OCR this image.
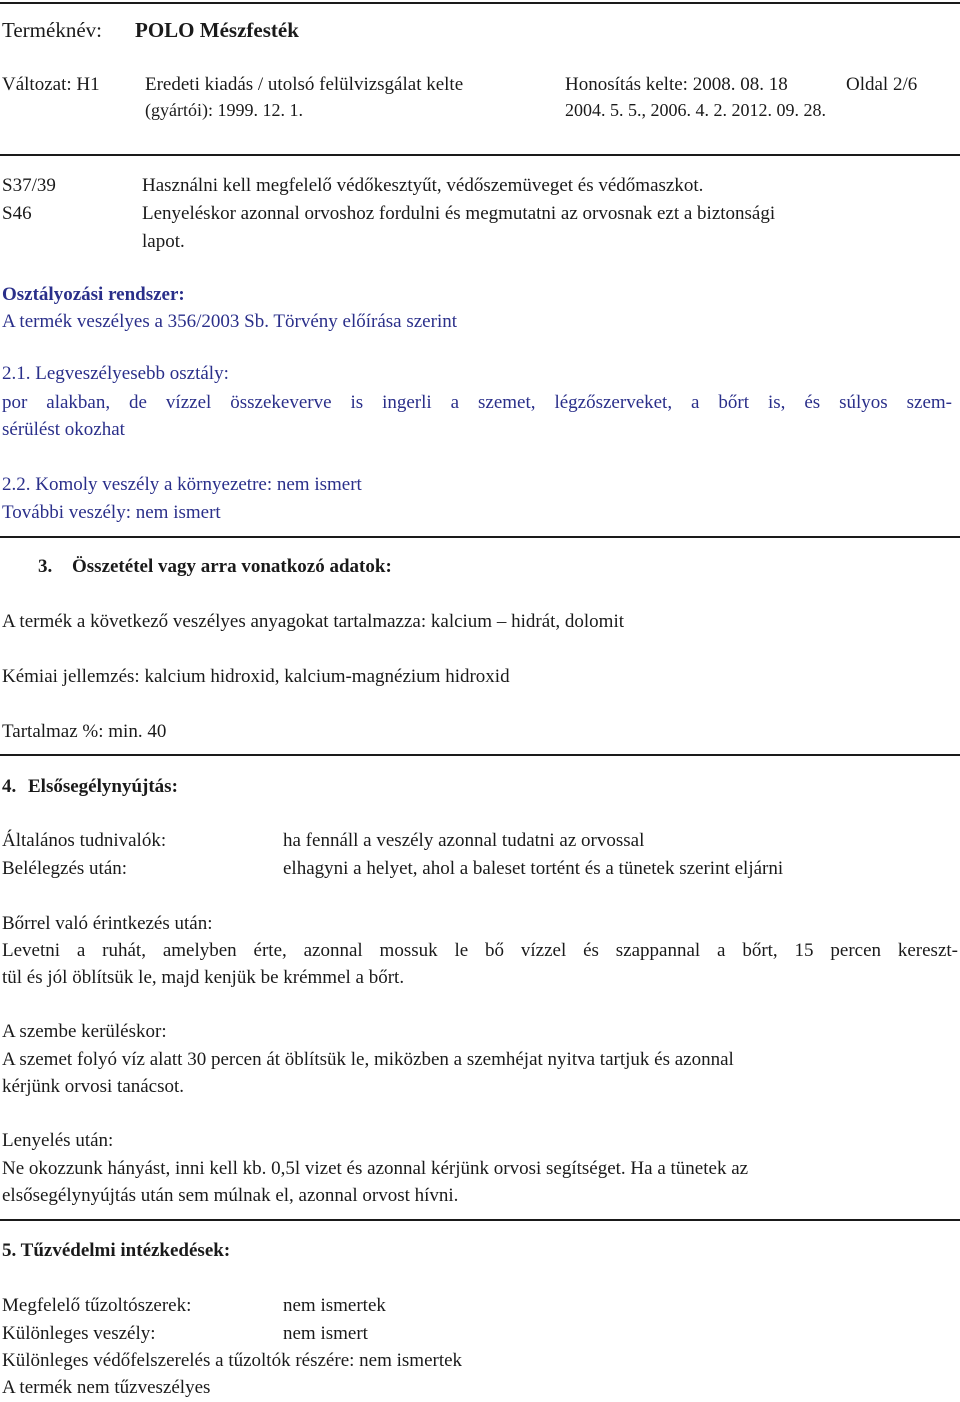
Terméknév: POLO Mészfesték
Változat: H1 Eredeti kiadás / utolsó felülvizsgálat kelte
(gyártói): 1999. 12. 1.
Honosítás kelte: 2008. 08. 18
2004. 5. 5., 2006. 4. 2. 2012. 09. 28.
Oldal 2/6
S37/39	Használni kell megfelelő védőkesztyűt, védőszemüveget és védőmaszkot.
S46	Lenyeléskor azonnal orvoshoz fordulni és megmutatni az orvosnak ezt a biztonsági
lapot.
Osztályozási rendszer:
A termék veszélyes a 356/2003 Sb. Törvény előírása szerint
2.1. Legveszélyesebb osztály:
por alakban, de vízzel összekeverve is ingerli a szemet, légzőszerveket, a bőrt is, és súlyos szem-
sérülést okozhat
2.2. Komoly veszély a környezetre: nem ismert
További veszély: nem ismert
3. Összetétel vagy arra vonatkozó adatok:
A termék a következő veszélyes anyagokat tartalmazza: kalcium – hidrát, dolomit
Kémiai jellemzés: kalcium hidroxid, kalcium-magnézium hidroxid
Tartalmaz %: min. 40
4. Elsősegélynyújtás:
Általános tudnivalók:	ha fennáll a veszély azonnal tudatni az orvossal
Belélegzés után:	elhagyni a helyet, ahol a baleset tortént és a tünetek szerint eljárni
Bőrrel való érintkezés után:
Levetni a ruhát, amelyben érte, azonnal mossuk le bő vízzel és szappannal a bőrt, 15 percen kereszt-
tül és jól öblítsük le, majd kenjük be krémmel a bőrt.
A szembe kerüléskor:
A szemet folyó víz alatt 30 percen át öblítsük le, miközben a szemhéjat nyitva tartjuk és azonnal
kérjünk orvosi tanácsot.
Lenyelés után:
Ne okozzunk hányást, inni kell kb. 0,5l vizet és azonnal kérjünk orvosi segítséget. Ha a tünetek az
elsősegélynyújtás után sem múlnak el, azonnal orvost hívni.
5. Tűzvédelmi intézkedések:
Megfelelő tűzoltószerek:	nem ismertek
Különleges veszély:	nem ismert
Különleges védőfelszerelés a tűzoltók részére: nem ismertek
A termék nem tűzveszélyes
